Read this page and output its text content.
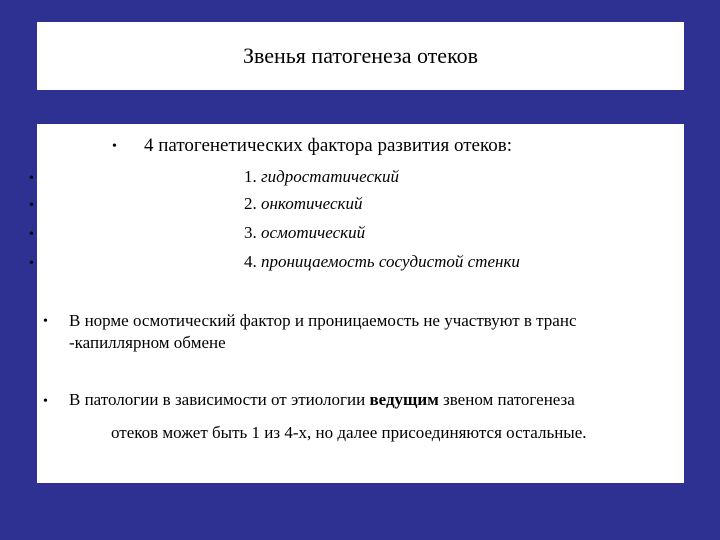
Звенья патогенеза отеков
• 4 патогенетических фактора развития отеков:
•	1. гидростатический
•	2. онкотический
•	3. осмотический
•	4. проницаемость сосудистой стенки
• В норме осмотический фактор и проницаемость не участвуют в транс
-капиллярном обмене
• В патологии в зависимости от этиологии ведущим звеном патогенеза
отеков может быть 1 из 4-х, но далее присоединяются остальные.
